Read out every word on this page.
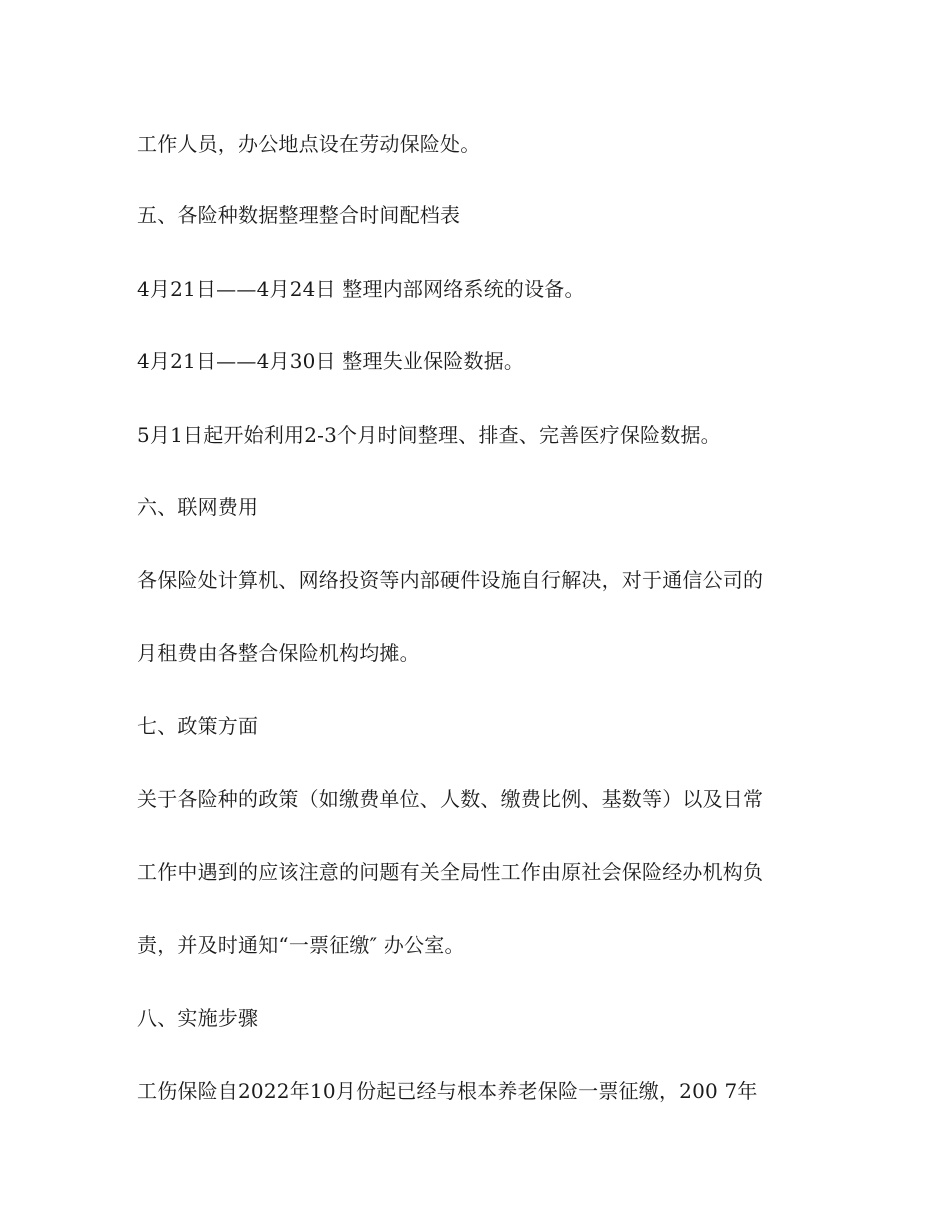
工作人员，办公地点设在劳动保险处。
五、各险种数据整理整合时间配档表
4月21日——4月24日 整理内部网络系统的设备。
4月21日——4月30日 整理失业保险数据。
5月1日起开始利用2-3个月时间整理、排查、完善医疗保险数据。
六、联网费用
各保险处计算机、网络投资等内部硬件设施自行解决，对于通信公司的
月租费由各整合保险机构均摊。
七、政策方面
关于各险种的政策（如缴费单位、人数、缴费比例、基数等）以及日常
工作中遇到的应该注意的问题有关全局性工作由原社会保险经办机构负
责，并及时通知“一票征缴″ 办公室。
八、实施步骤
工伤保险自2022年10月份起已经与根本养老保险一票征缴，200 7年
